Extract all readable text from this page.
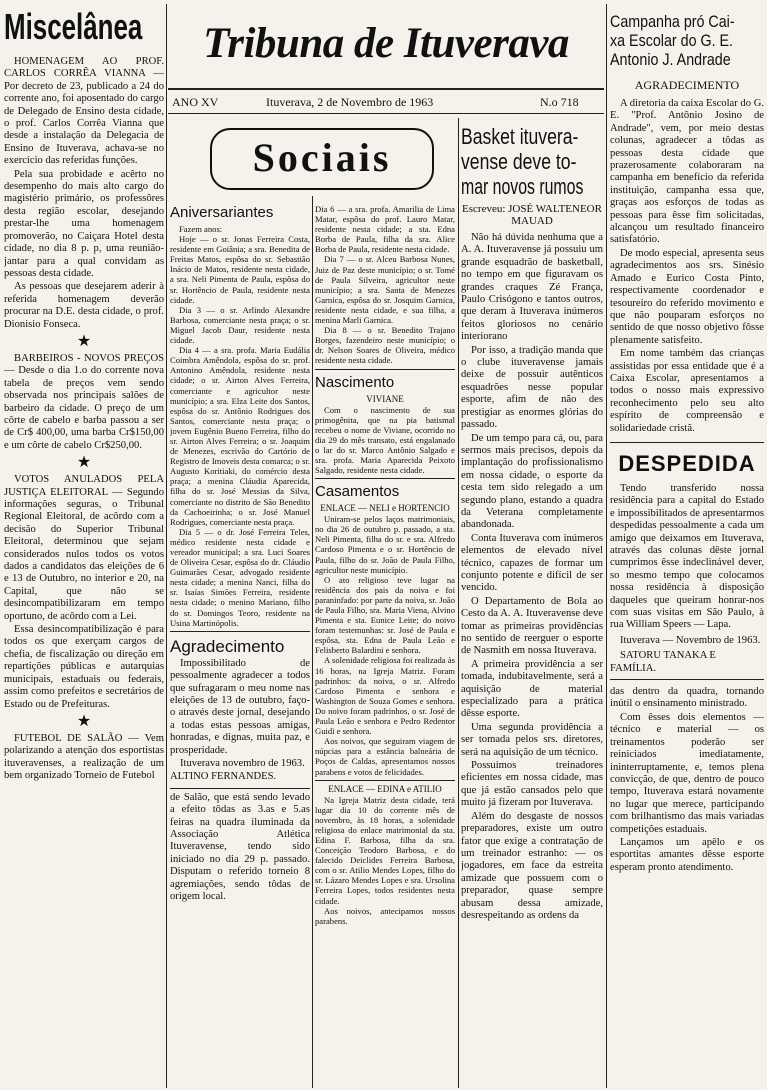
Miscelânea

HOMENAGEM AO PROF. CARLOS CORRÊA VIANNA — Por decreto de 23, publicado a 24 do corrente ano, foi aposentado do cargo de Delegado de Ensino desta cidade, o prof. Carlos Corrêa Vianna que desde a instalação da Delegacia de Ensino de Ituverava, achava-se no exercício das referidas funções.

Pela sua probidade e acêrto no desempenho do mais alto cargo do magistério primário, os professôres desta região escolar, desejando prestar-lhe uma homenagem promoverão, no Caiçara Hotel desta cidade, no dia 8 p. p, uma reunião-jantar para a qual convidam as pessoas desta cidade.

As pessoas que desejarem aderir à referida homenagem deverão procurar na D.E. desta cidade, o prof. Dionisio Fonseca.

★

BARBEIROS - NOVOS PREÇOS — Desde o dia 1.o do corrente nova tabela de preços vem sendo observada nos principais salões de barbeiro da cidade. O preço de um côrte de cabelo e barba passou a ser de Cr$ 400,00, uma barba Cr$150,00 e um côrte de cabelo Cr$250,00.

★

VOTOS ANULADOS PELA JUSTIÇA ELEITORAL — Segundo informações seguras, o Tribunal Regional Eleitoral, de acôrdo com a decisão do Superior Tribunal Eleitoral, determinou que sejam considerados nulos todos os votos dados a candidatos das eleições de 6 e 13 de Outubro, no interior e 20, na Capital, que não se desincompatibilizaram em tempo oportuno, de acôrdo com a Lei.

Essa desincompatibilização é para todos os que exerçam cargos de chefia, de fiscalização ou direção em repartições públicas e autarquias municipais, estaduais ou federais, assim como prefeitos e secretários de Estado ou de Prefeituras.

★

FUTEBOL DE SALÃO — Vem polarizando a atenção dos esportistas ituveravenses, a realização de um bem organizado Torneio de Futebol

Tribuna de Ituverava
ANO XV	Ituverava, 2 de Novembro de 1963	N.o 718
Sociais
Aniversariantes

Fazem anos:

Hoje — o sr. Jonas Ferreira Costa, residente em Goiânia; a sra. Benedita de Freitas Matos, espôsa do sr. Sebastião Inácio de Matos, residente nesta cidade, a sra. Neli Pimenta de Paula, espôsa do sr. Hortêncio de Paula, residente nesta cidade.

Dia 3 — o sr. Arlindo Alexandre Barbosa, comerciante nesta praça; o sr. Miguel Jacob Daur, residente nesta cidade.

Dia 4 — a sra. profa. Maria Eudália Coimbra Amêndola, espôsa do sr. prof. Antonino Amêndola, residente nesta cidade; o sr. Airton Alves Ferreira, comerciante e agricultor neste município; a sra. Elza Leite dos Santos, espôsa do sr. Antônio Rodrigues dos Santos, comerciante nesta praça; o jovem Eugênio Bueno Ferreira, filho do sr. Airton Alves Ferreira; o sr. Joaquim de Menezes, escrivão do Cartório de Registro de Imoveis desta comarca; o sr. Augusto Koritiaki, do comércio desta praça; a menina Cláudia Aparecida, filha do sr. José Messias da Silva, comerciante no distrito de São Benedito da Cachoeirinha; o sr. José Manuel Rodrigues, comerciante nesta praça.

Dia 5 — o dr. José Ferreira Teles, médico residente nesta cidade e vereador municipal; a sra. Luci Soares de Oliveira Cesar, espôsa do dr. Cláudio Guimarães Cesar, advogado residente nesta cidade; a menina Nanci, filha do sr. Isaías Simões Ferreira, residente nesta cidade; o menino Mariano, filho do sr. Domingos Teoro, residente na Usina Martinópolis.

Agradecimento

Impossibilitado de pessoalmente agradecer a todos que sufragaram o meu nome nas eleições de 13 de outubro, faço-o através deste jornal, desejando a todas estas pessoas amigas, honradas, e dignas, muita paz, e prosperidade.

Ituverava novembro de 1963.

ALTINO FERNANDES.

de Salão, que está sendo levado a efeito tôdas as 3.as e 5.as feiras na quadra iluminada da Associação Atlética Ituveravense, tendo sido iniciado no dia 29 p. passado. Disputam o referido torneio 8 agremiações, sendo tôdas de origem local.

Dia 6 — a sra. profa. Amarilia de Lima Matar, espôsa do prof. Lauro Matar, residente nesta cidade; a sta. Edna Borba de Paula, filha da sra. Alice Borba de Paula, residente nesta cidade.

Dia 7 — o sr. Alceu Barbosa Nunes, Juiz de Paz deste município; o sr. Tomé de Paula Silveira, agricultor neste município; a sra. Santa de Menezes Garnica, espôsa do sr. Josquim Garnica, residente nesta cidade, e sua filha, a menina Marli Garnica.

Dia 8 — o sr. Benedito Trajano Borges, fazendeiro neste município; o dr. Nelson Soares de Oliveira, médico residente nesta cidade.

Nascimento
VIVIANE

Com o nascimento de sua primogênita, que na pia batismal recebeu o nome de Viviane, ocorrido no dia 29 do mês transato, está engalanado o lar do sr. Marco Antônio Salgado e sra. profa. Maria Aparecida Peixoto Salgado, residente nesta cidade.

Casamentos
ENLACE — NELI e HORTENCIO

Uniram-se pelos laços matrimoniais, no dia 26 de outubro p. passado, a sta. Neli Pimenta, filha do sr. e sra. Alfredo Cardoso Pimenta e o sr. Hortêncio de Paula, filho do sr. João de Paula Filho, agricultor neste município.

O ato religioso teve lugar na residência dos pais da noiva e foi paraninfado: por parte da noiva, sr. João de Paula Filho, sra. Maria Viena, Alvino Pimenta e sta. Eunice Leite; do noivo foram testemunhas: sr. José de Paula e espôsa, sta. Edna de Paula Leão e Felisberto Balardini e senhora.

A solenidade religiosa foi realizada às 16 horas, na Igreja Matriz. Foram padrinhos: da noiva, o sr. Alfredo Cardoso Pimenta e senhora e Washington de Souza Gomes e senhora. Do noivo foram padrinhos, o sr. José de Paula Leão e senhora e Pedro Redentor Guidi e senhora.

Aos noivos, que seguiram viagem de núpcias para a estância balneária de Poços de Caldas, apresentamos nossos parabens e votos de felicidades.

ENLACE — EDINA e ATILIO

Na Igreja Matriz desta cidade, terá lugar dia 10 do corrente mês de novembro, às 18 horas, a solenidade religiosa do enlace matrimonial da sta. Edina F. Barbosa, filha da sra. Conceição Teodoro Barbosa, e do falecido Deiclides Ferreira Barbosa, com o sr. Atilio Mendes Lopes, filho do sr. Lázaro Mendes Lopes e sra. Ursolina Ferreira Lopes, todos residentes nesta cidade.

Aos noivos, antecipamos nossos parabens.

Basket ituvera-
vense deve to-
mar novos rumos
Escreveu: JOSÉ WALTENEOR MAUAD

Não há dúvida nenhuma que a A. A. Ituveravense já possuiu um grande esquadrão de basketball, no tempo em que figuravam os grandes craques Zé França, Paulo Crisógono e tantos outros, que deram à Ituverava inúmeros feitos gloriosos no cenário interiorano

Por isso, a tradição manda que o clube ituveravense jamais deixe de possuir autênticos esquadrões nesse popular esporte, afim de não des prestigiar as enormes glórias do passado.

De um tempo para cá, ou, para sermos mais precisos, depois da implantação do profissionalismo em nossa cidade, o esporte da cesta tem sido relegado a um segundo plano, estando a quadra da Veterana completamente abandonada.

Conta Ituverava com inúmeros elementos de elevado nível técnico, capazes de formar um conjunto potente e difícil de ser vencido.

O Departamento de Bola ao Cesto da A. A. Ituveravense deve tomar as primeiras providências no sentido de reerguer o esporte de Nasmith em nossa Ituverava.

A primeira providência a ser tomada, indubitavelmente, será a aquisição de material especializado para a prática dêsse esporte.

Uma segunda providência a ser tomada pelos srs. diretores, será na aquisição de um técnico.

Possuimos treinadores eficientes em nossa cidade, mas que já estão cansados pelo que muito já fizeram por Ituverava.

Além do desgaste de nossos preparadores, existe um outro fator que exige a contratação de um treinador estranho: — os jogadores, em face da estreita amizade que possuem com o preparador, quase sempre abusam dessa amizade, desrespeitando as ordens da

Campanha pró Cai-
xa Escolar do G. E.
Antonio J. Andrade
AGRADECIMENTO

A diretoria da caixa Escolar do G. E. "Prof. Antônio Josino de Andrade", vem, por meio destas colunas, agradecer a tôdas as pessoas desta cidade que prazerosamente colaboraram na campanha em benefício da referida instituição, campanha essa que, graças aos esforços de todas as pessoas para êsse fim solicitadas, alcançou um resultado financeiro satisfatório.

De modo especial, apresenta seus agradecimentos aos srs. Sinésio Amado e Eurico Costa Pinto, respectivamente coordenador e tesoureiro do referido movimento e que não pouparam esforços no sentido de que nosso objetivo fôsse plenamente satisfeito.

Em nome também das crianças assistidas por essa entidade que é a Caixa Escolar, apresentamos a todos o nosso mais expressivo reconhecimento pelo seu alto espírito de compreensão e solidariedade cristã.

DESPEDIDA

Tendo transferido nossa residência para a capital do Estado e impossibilitados de apresentarmos despedidas pessoalmente a cada um amigo que deixamos em Ituverava, através das colunas dêste jornal cumprimos êsse indeclinável dever, so mesmo tempo que colocamos nossa residência à disposição daqueles que queiram honrar-nos com suas visitas em São Paulo, à rua William Speers — Lapa.

Ituverava — Novembro de 1963.

SATORU TANAKA E FAMÍLIA.

das dentro da quadra, tornando inútil o ensinamento ministrado.

Com êsses dois elementos — técnico e material — os treinamentos poderão ser reiniciados imediatamente, ininterruptamente, e, temos plena convicção, de que, dentro de pouco tempo, Ituverava estará novamente no lugar que merece, participando com brilhantismo das mais variadas competições estaduais.

Lançamos um apêlo e os esportitas amantes dêsse esporte esperam pronto atendimento.
